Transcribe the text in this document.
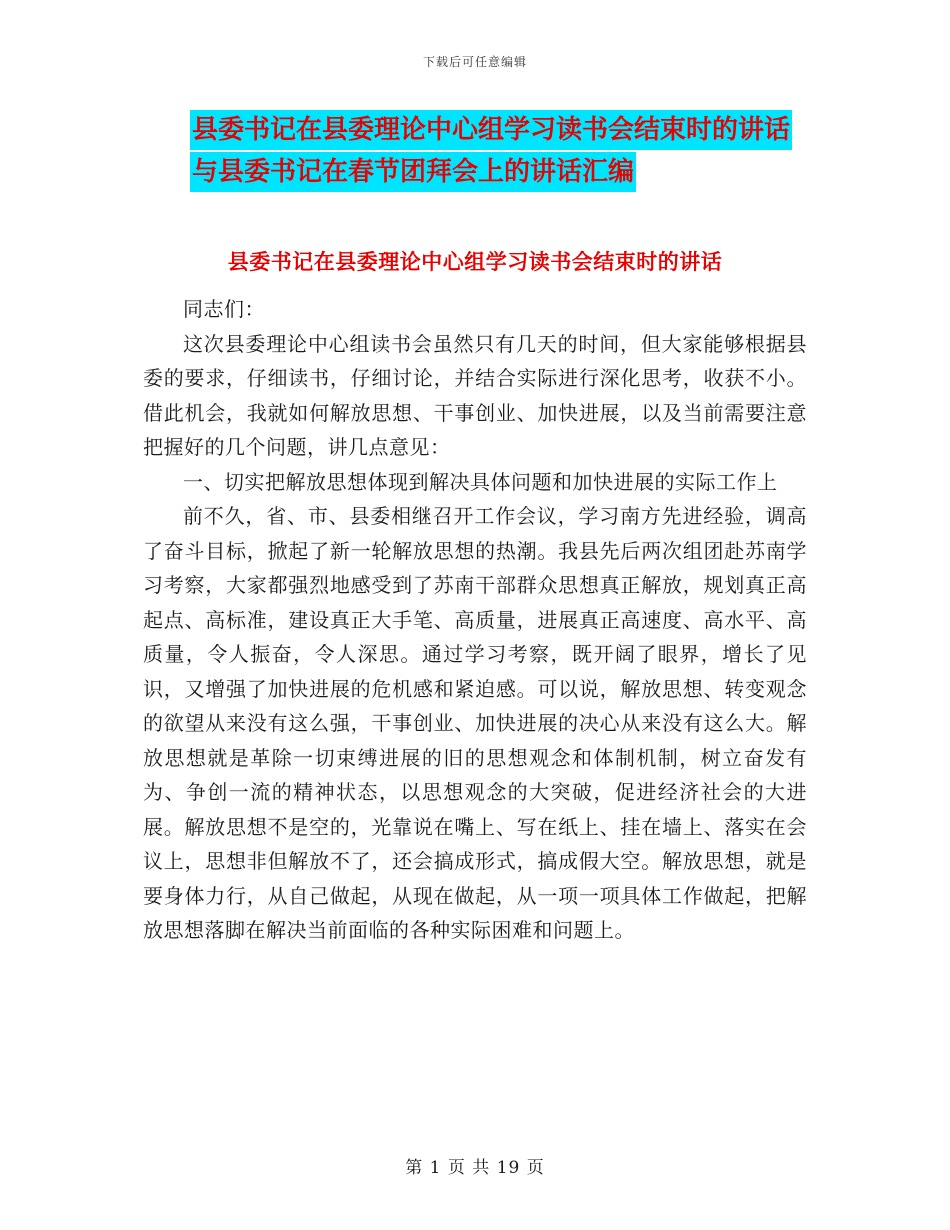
下载后可任意编辑
县委书记在县委理论中心组学习读书会结束时的讲话
与县委书记在春节团拜会上的讲话汇编
县委书记在县委理论中心组学习读书会结束时的讲话

同志们：

这次县委理论中心组读书会虽然只有几天的时间，但大家能够根据县委的要求，仔细读书，仔细讨论，并结合实际进行深化思考，收获不小。借此机会，我就如何解放思想、干事创业、加快进展，以及当前需要注意把握好的几个问题，讲几点意见：

一、切实把解放思想体现到解决具体问题和加快进展的实际工作上

前不久，省、市、县委相继召开工作会议，学习南方先进经验，调高了奋斗目标，掀起了新一轮解放思想的热潮。我县先后两次组团赴苏南学习考察，大家都强烈地感受到了苏南干部群众思想真正解放，规划真正高起点、高标准，建设真正大手笔、高质量，进展真正高速度、高水平、高质量，令人振奋，令人深思。通过学习考察，既开阔了眼界，增长了见识，又增强了加快进展的危机感和紧迫感。可以说，解放思想、转变观念的欲望从来没有这么强，干事创业、加快进展的决心从来没有这么大。解放思想就是革除一切束缚进展的旧的思想观念和体制机制，树立奋发有为、争创一流的精神状态，以思想观念的大突破，促进经济社会的大进展。解放思想不是空的，光靠说在嘴上、写在纸上、挂在墙上、落实在会议上，思想非但解放不了，还会搞成形式，搞成假大空。解放思想，就是要身体力行，从自己做起，从现在做起，从一项一项具体工作做起，把解放思想落脚在解决当前面临的各种实际困难和问题上。

第 1 页 共 19 页
